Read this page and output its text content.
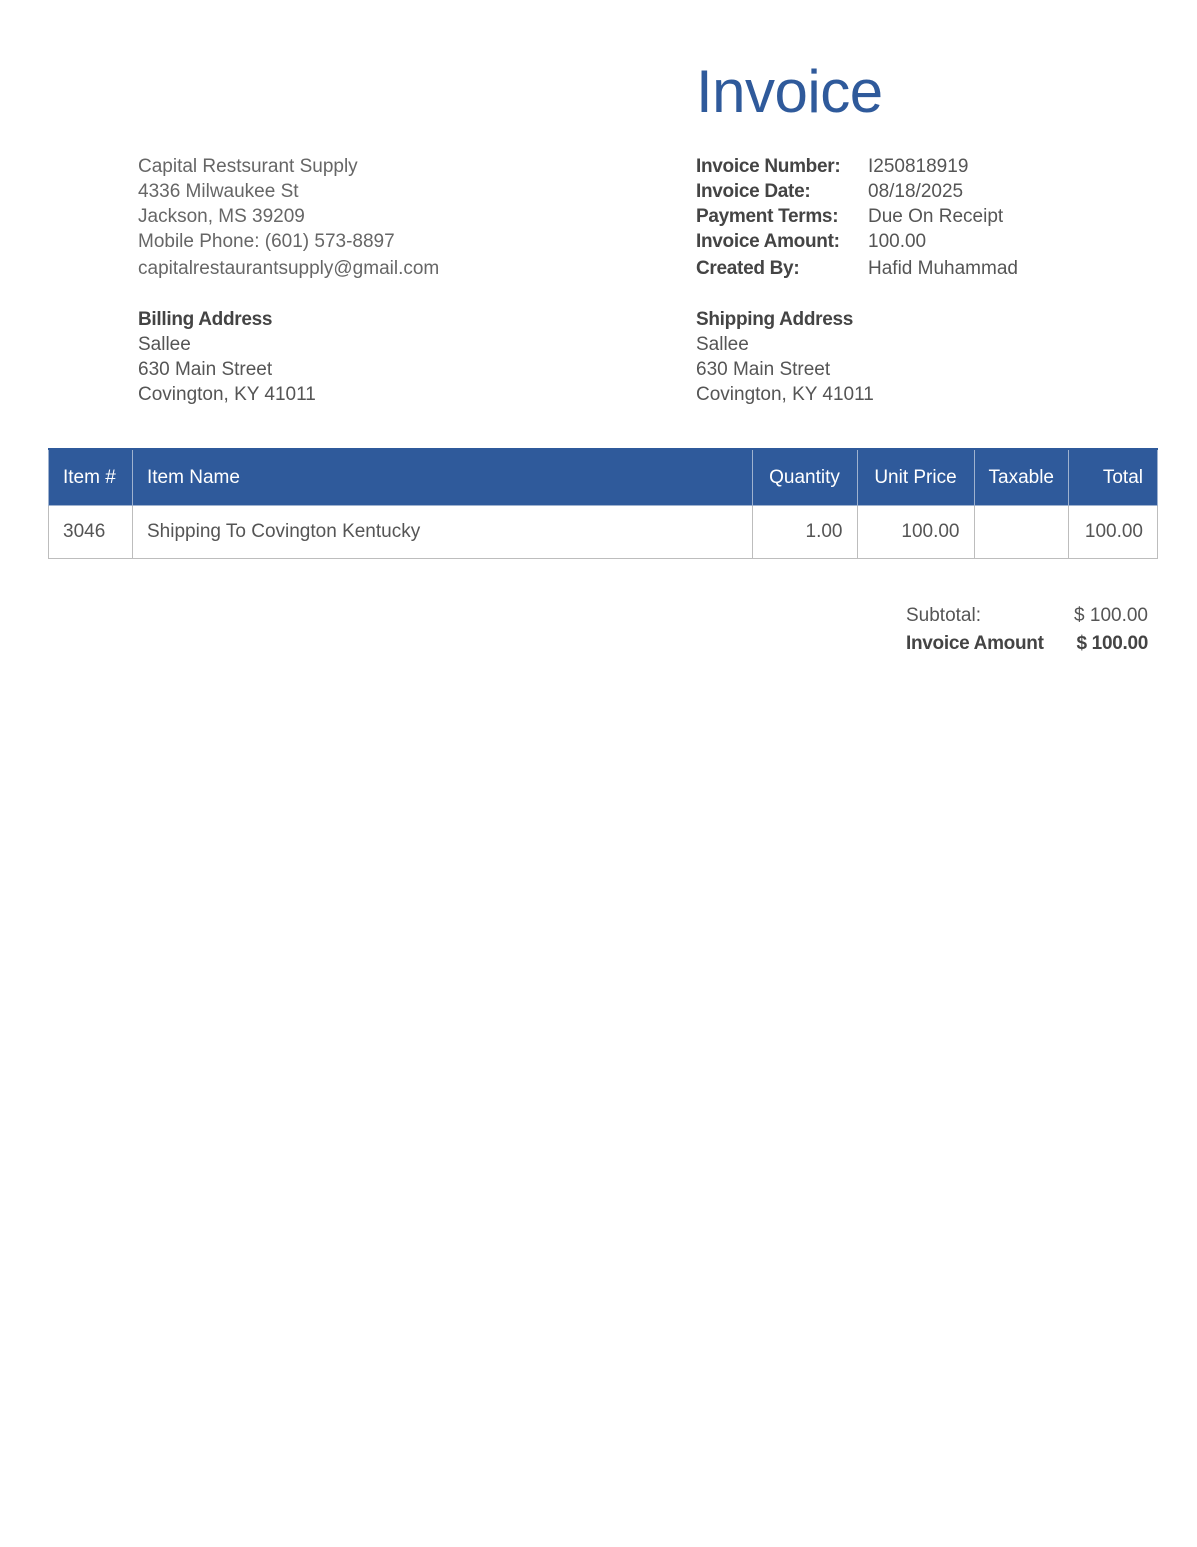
Invoice
Capital Restsurant Supply
4336 Milwaukee St
Jackson, MS 39209
Mobile Phone: (601) 573-8897
capitalrestaurantsupply@gmail.com
Invoice Number:	I250818919
Invoice Date:	08/18/2025
Payment Terms:	Due On Receipt
Invoice Amount:	100.00
Created By:	Hafid Muhammad
Billing Address
Sallee
630 Main Street
Covington, KY 41011
Shipping Address
Sallee
630 Main Street
Covington, KY 41011
Item #	Item Name	Quantity	Unit Price	Taxable	Total
3046	Shipping To Covington Kentucky	1.00	100.00		100.00
Subtotal:	$ 100.00
Invoice Amount	$ 100.00
